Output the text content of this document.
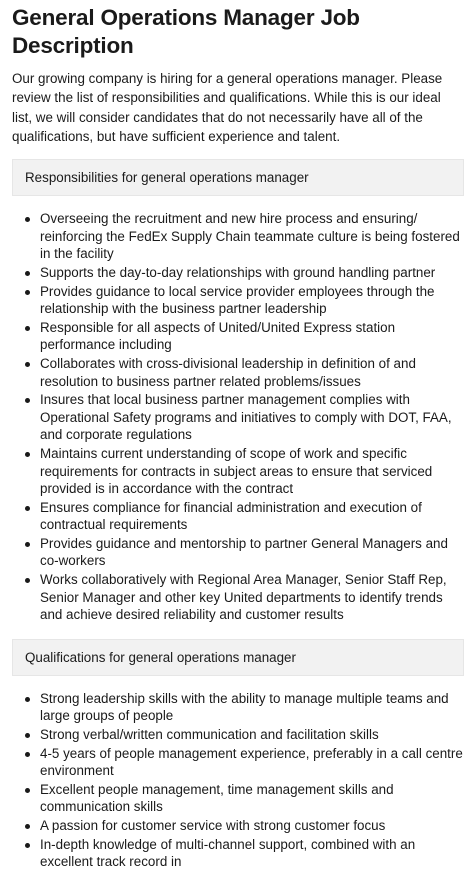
General Operations Manager Job Description

Our growing company is hiring for a general operations manager. Please review the list of responsibilities and qualifications. While this is our ideal list, we will consider candidates that do not necessarily have all of the qualifications, but have sufficient experience and talent.

Responsibilities for general operations manager
Overseeing the recruitment and new hire process and ensuring/ reinforcing the FedEx Supply Chain teammate culture is being fostered in the facility
Supports the day-to-day relationships with ground handling partner
Provides guidance to local service provider employees through the relationship with the business partner leadership
Responsible for all aspects of United/United Express station performance including
Collaborates with cross-divisional leadership in definition of and resolution to business partner related problems/issues
Insures that local business partner management complies with Operational Safety programs and initiatives to comply with DOT, FAA, and corporate regulations
Maintains current understanding of scope of work and specific requirements for contracts in subject areas to ensure that serviced provided is in accordance with the contract
Ensures compliance for financial administration and execution of contractual requirements
Provides guidance and mentorship to partner General Managers and co-workers
Works collaboratively with Regional Area Manager, Senior Staff Rep, Senior Manager and other key United departments to identify trends and achieve desired reliability and customer results
Qualifications for general operations manager
Strong leadership skills with the ability to manage multiple teams and large groups of people
Strong verbal/written communication and facilitation skills
4-5 years of people management experience, preferably in a call centre environment
Excellent people management, time management skills and communication skills
A passion for customer service with strong customer focus
In-depth knowledge of multi-channel support, combined with an excellent track record in
